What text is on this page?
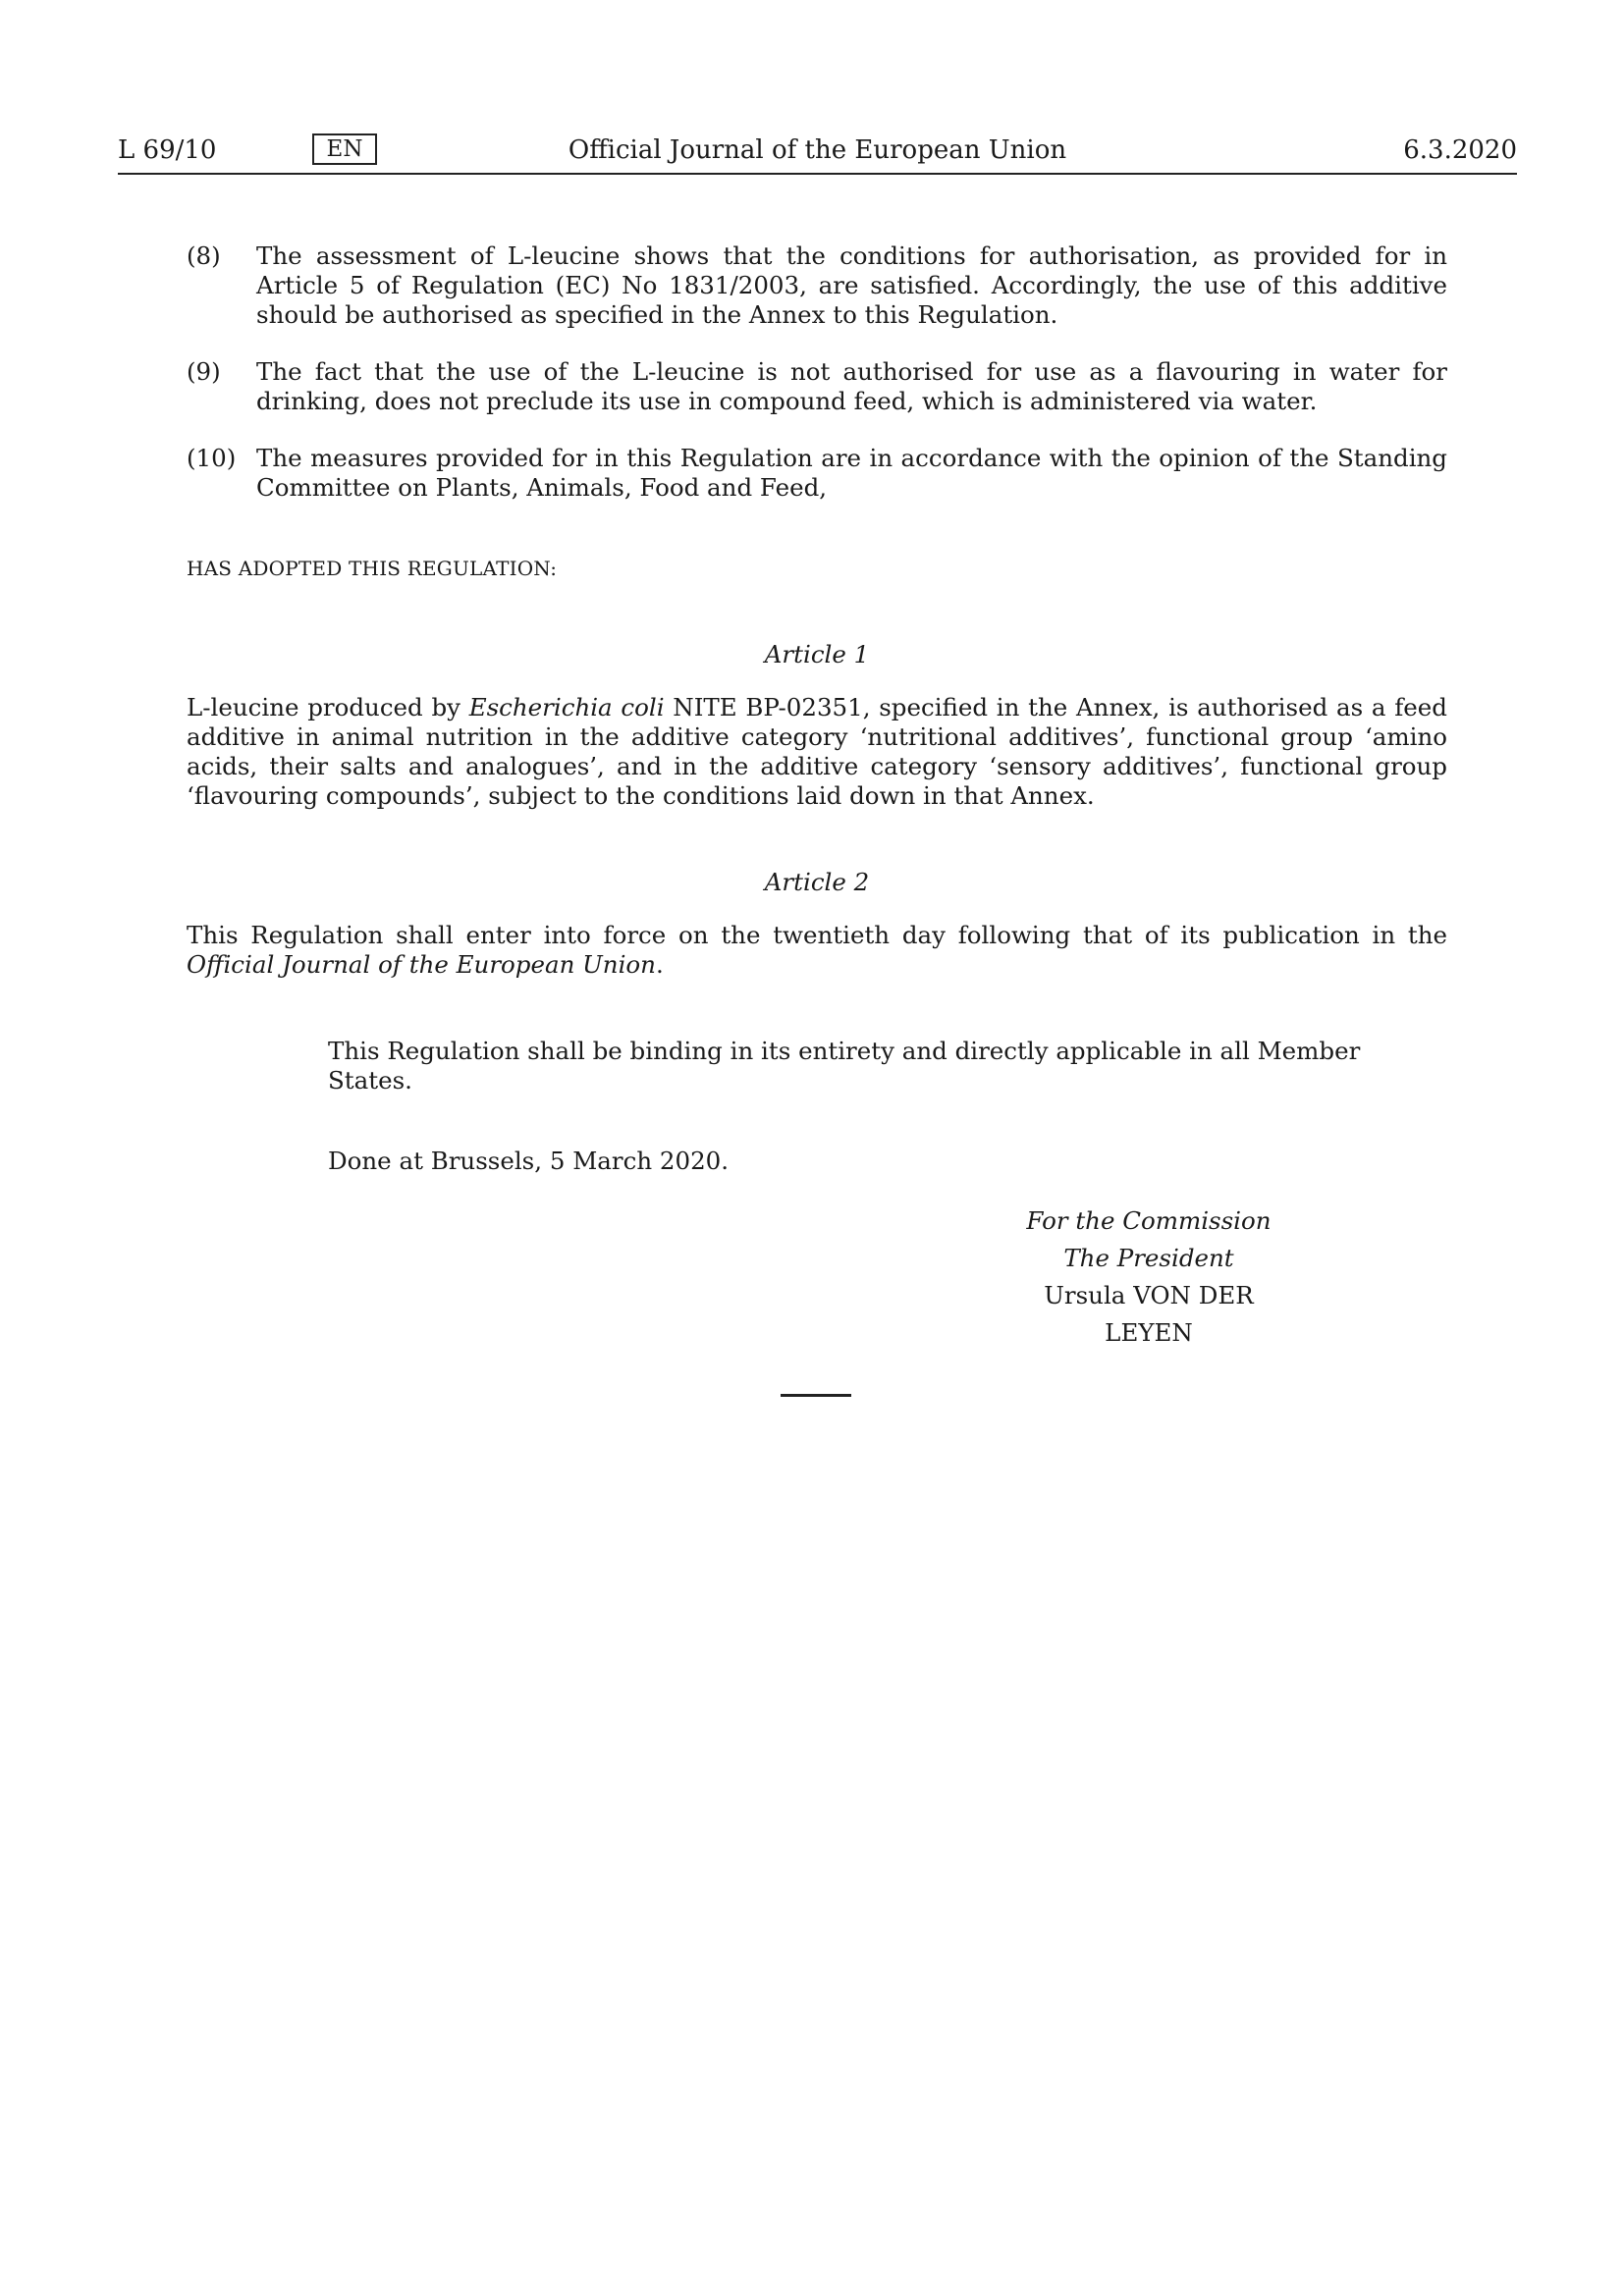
L 69/10	EN	Official Journal of the European Union	6.3.2020
(8) The assessment of L-leucine shows that the conditions for authorisation, as provided for in Article 5 of Regulation (EC) No 1831/2003, are satisfied. Accordingly, the use of this additive should be authorised as specified in the Annex to this Regulation.
(9) The fact that the use of the L-leucine is not authorised for use as a flavouring in water for drinking, does not preclude its use in compound feed, which is administered via water.
(10) The measures provided for in this Regulation are in accordance with the opinion of the Standing Committee on Plants, Animals, Food and Feed,
HAS ADOPTED THIS REGULATION:
Article 1
L-leucine produced by Escherichia coli NITE BP-02351, specified in the Annex, is authorised as a feed additive in animal nutrition in the additive category ‘nutritional additives’, functional group ‘amino acids, their salts and analogues’, and in the additive category ‘sensory additives’, functional group ‘flavouring compounds’, subject to the conditions laid down in that Annex.
Article 2
This Regulation shall enter into force on the twentieth day following that of its publication in the Official Journal of the European Union.
This Regulation shall be binding in its entirety and directly applicable in all Member States.
Done at Brussels, 5 March 2020.
For the Commission
The President
Ursula VON DER LEYEN
